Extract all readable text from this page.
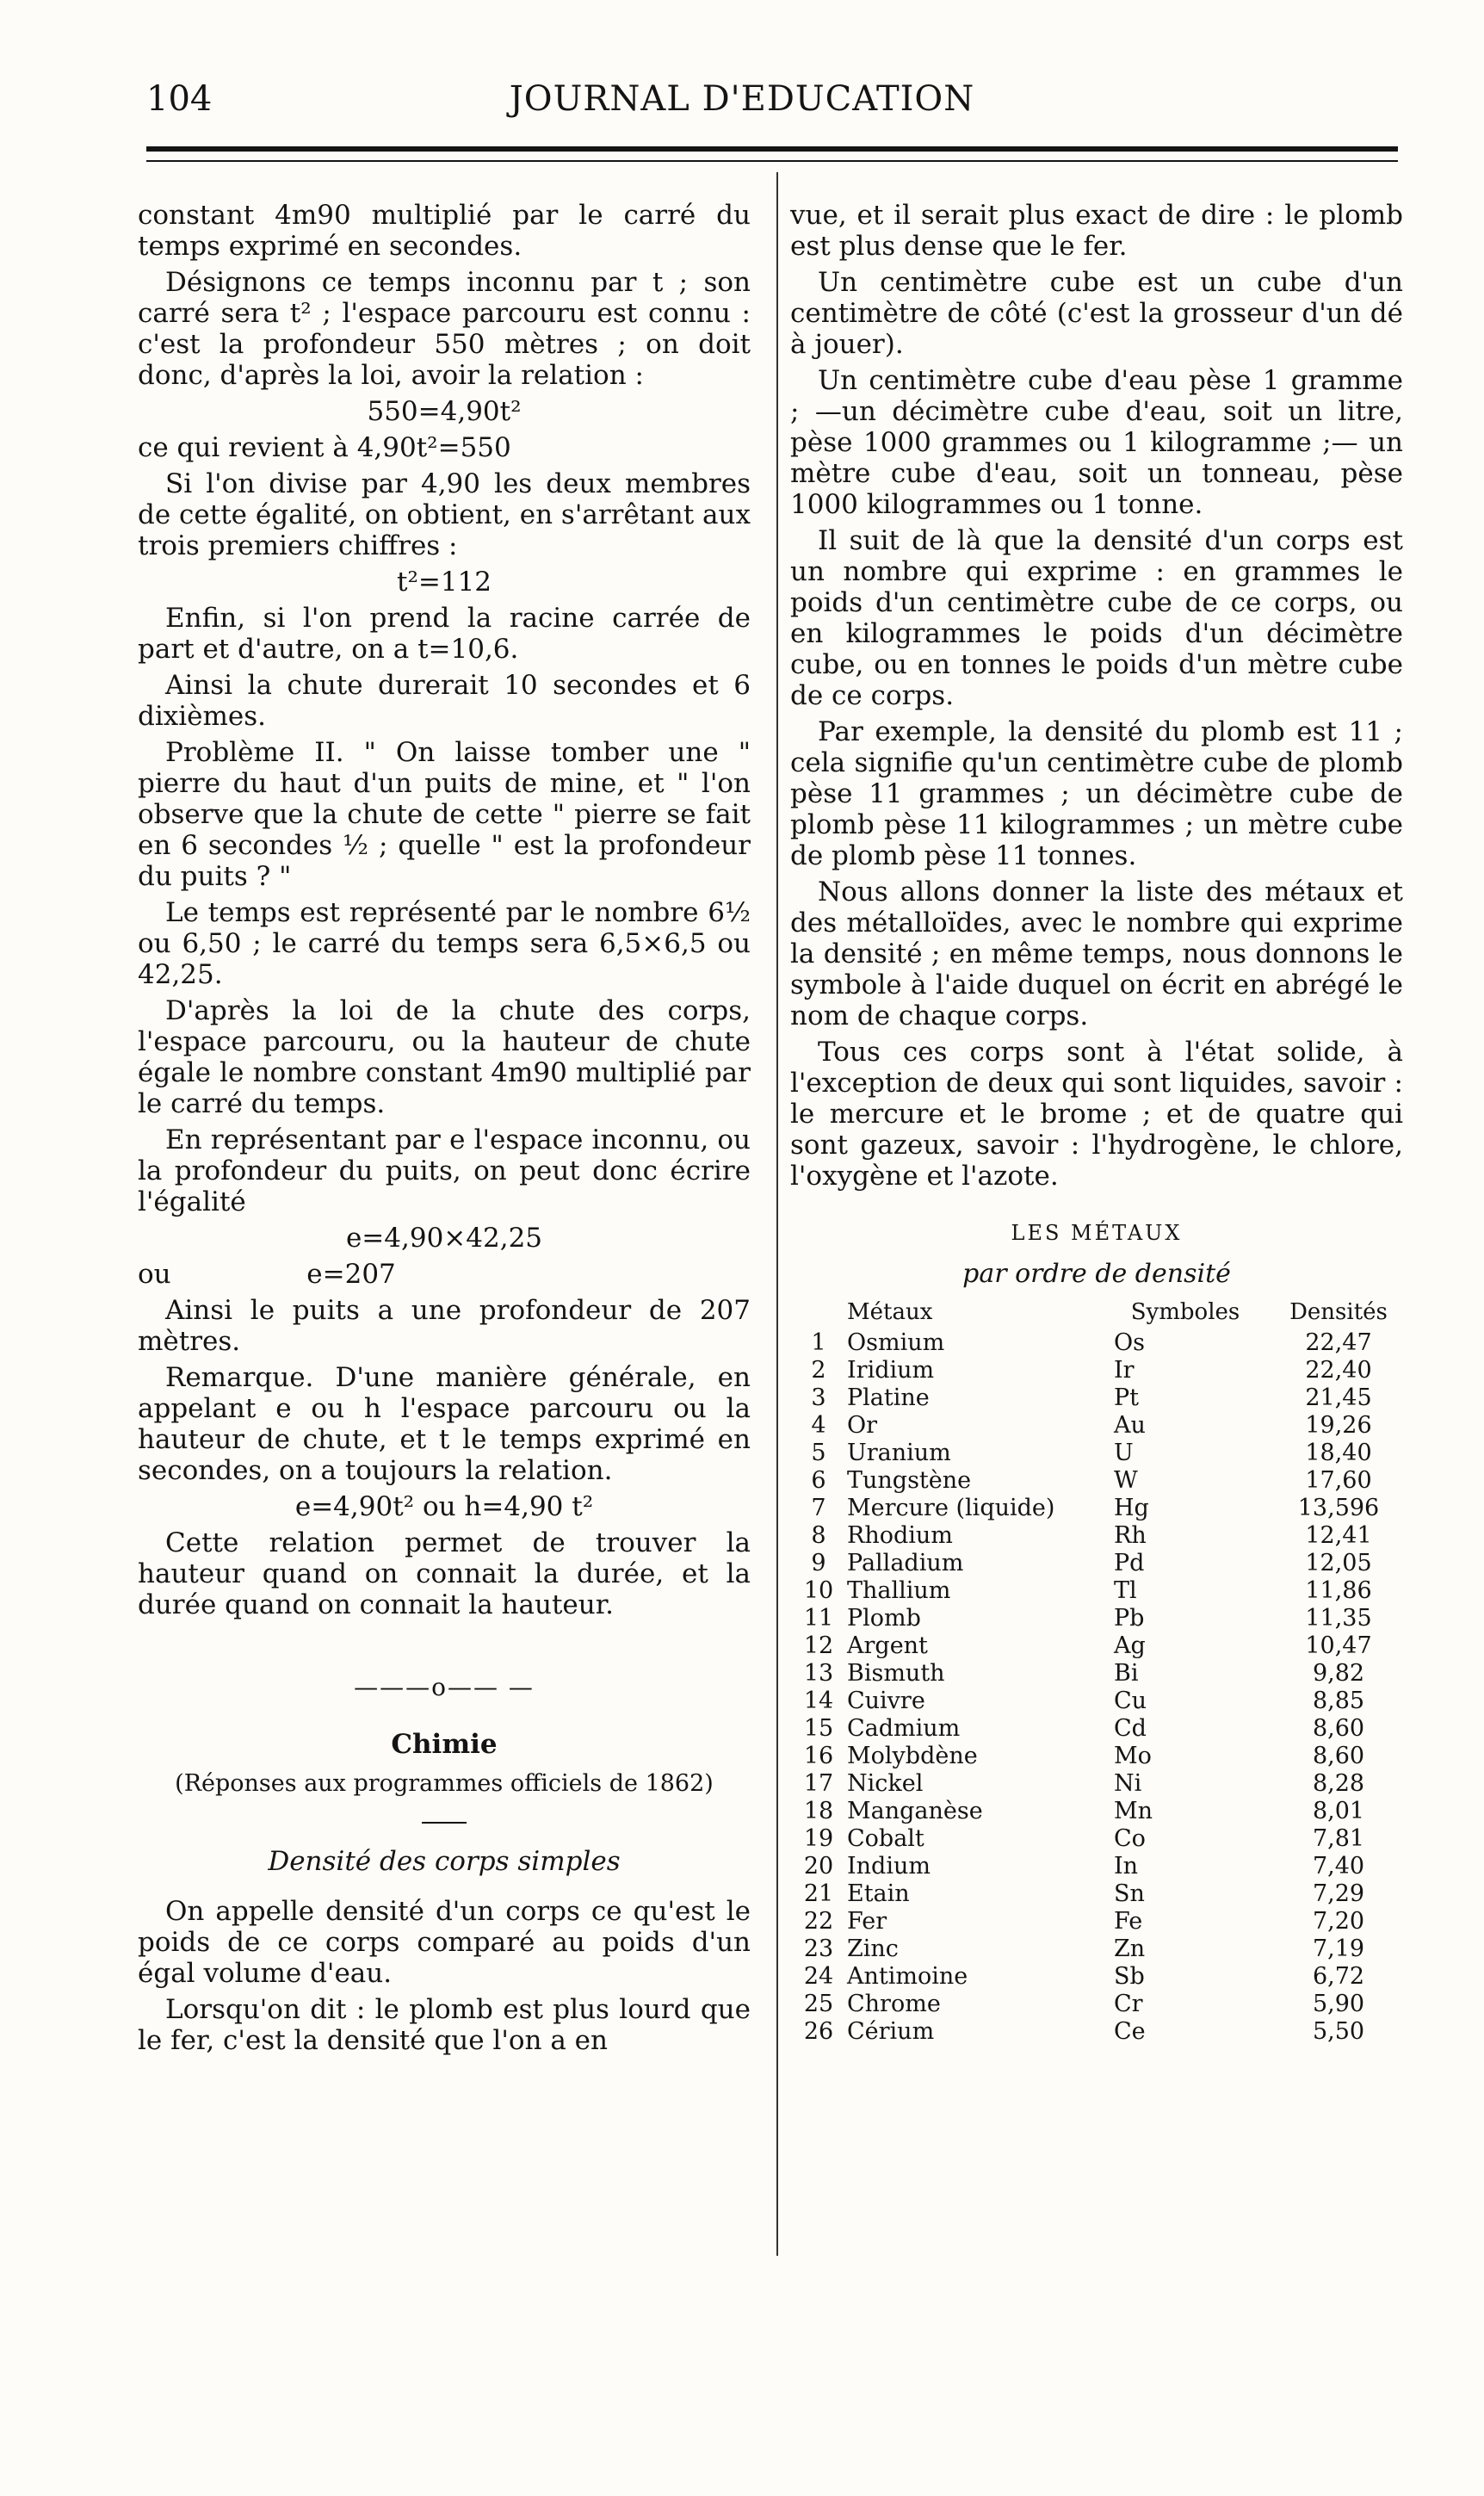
104	JOURNAL D'EDUCATION

constant 4m90 multiplié par le carré du temps exprimé en secondes.

Désignons ce temps inconnu par t ; son carré sera t² ; l'espace parcouru est connu : c'est la profondeur 550 mètres ; on doit donc, d'après la loi, avoir la relation :

550=4,90t²

ce qui revient à 4,90t²=550

Si l'on divise par 4,90 les deux membres de cette égalité, on obtient, en s'arrêtant aux trois premiers chiffres :

t²=112

Enfin, si l'on prend la racine carrée de part et d'autre, on a t=10,6.

Ainsi la chute durerait 10 secondes et 6 dixièmes.

Problème II. " On laisse tomber une " pierre du haut d'un puits de mine, et " l'on observe que la chute de cette " pierre se fait en 6 secondes ½ ; quelle " est la profondeur du puits ? "

Le temps est représenté par le nombre 6½ ou 6,50 ; le carré du temps sera 6,5×6,5 ou 42,25.

D'après la loi de la chute des corps, l'espace parcouru, ou la hauteur de chute égale le nombre constant 4m90 multiplié par le carré du temps.

En représentant par e l'espace inconnu, ou la profondeur du puits, on peut donc écrire l'égalité

e=4,90×42,25

ou                e=207

Ainsi le puits a une profondeur de 207 mètres.

Remarque. D'une manière générale, en appelant e ou h l'espace parcouru ou la hauteur de chute, et t le temps exprimé en secondes, on a toujours la relation.

e=4,90t² ou h=4,90 t²

Cette relation permet de trouver la hauteur quand on connait la durée, et la durée quand on connait la hauteur.

———o—— —
Chimie
(Réponses aux programmes officiels de 1862)
Densité des corps simples

On appelle densité d'un corps ce qu'est le poids de ce corps comparé au poids d'un égal volume d'eau.

Lorsqu'on dit : le plomb est plus lourd que le fer, c'est la densité que l'on a en

vue, et il serait plus exact de dire : le plomb est plus dense que le fer.

Un centimètre cube est un cube d'un centimètre de côté (c'est la grosseur d'un dé à jouer).

Un centimètre cube d'eau pèse 1 gramme ; —un décimètre cube d'eau, soit un litre, pèse 1000 grammes ou 1 kilogramme ;— un mètre cube d'eau, soit un tonneau, pèse 1000 kilogrammes ou 1 tonne.

Il suit de là que la densité d'un corps est un nombre qui exprime : en grammes le poids d'un centimètre cube de ce corps, ou en kilogrammes le poids d'un décimètre cube, ou en tonnes le poids d'un mètre cube de ce corps.

Par exemple, la densité du plomb est 11 ; cela signifie qu'un centimètre cube de plomb pèse 11 grammes ; un décimètre cube de plomb pèse 11 kilogrammes ; un mètre cube de plomb pèse 11 tonnes.

Nous allons donner la liste des métaux et des métalloïdes, avec le nombre qui exprime la densité ; en même temps, nous donnons le symbole à l'aide duquel on écrit en abrégé le nom de chaque corps.

Tous ces corps sont à l'état solide, à l'exception de deux qui sont liquides, savoir : le mercure et le brome ; et de quatre qui sont gazeux, savoir : l'hydrogène, le chlore, l'oxygène et l'azote.

LES MÉTAUX
par ordre de densité
Métaux		Symboles	Densités
1	Osmium	Os	22,47
2	Iridium	Ir	22,40
3	Platine	Pt	21,45
4	Or	Au	19,26
5	Uranium	U	18,40
6	Tungstène	W	17,60
7	Mercure (liquide)	Hg	13,596
8	Rhodium	Rh	12,41
9	Palladium	Pd	12,05
10	Thallium	Tl	11,86
11	Plomb	Pb	11,35
12	Argent	Ag	10,47
13	Bismuth	Bi	9,82
14	Cuivre	Cu	8,85
15	Cadmium	Cd	8,60
16	Molybdène	Mo	8,60
17	Nickel	Ni	8,28
18	Manganèse	Mn	8,01
19	Cobalt	Co	7,81
20	Indium	In	7,40
21	Etain	Sn	7,29
22	Fer	Fe	7,20
23	Zinc	Zn	7,19
24	Antimoine	Sb	6,72
25	Chrome	Cr	5,90
26	Cérium	Ce	5,50
